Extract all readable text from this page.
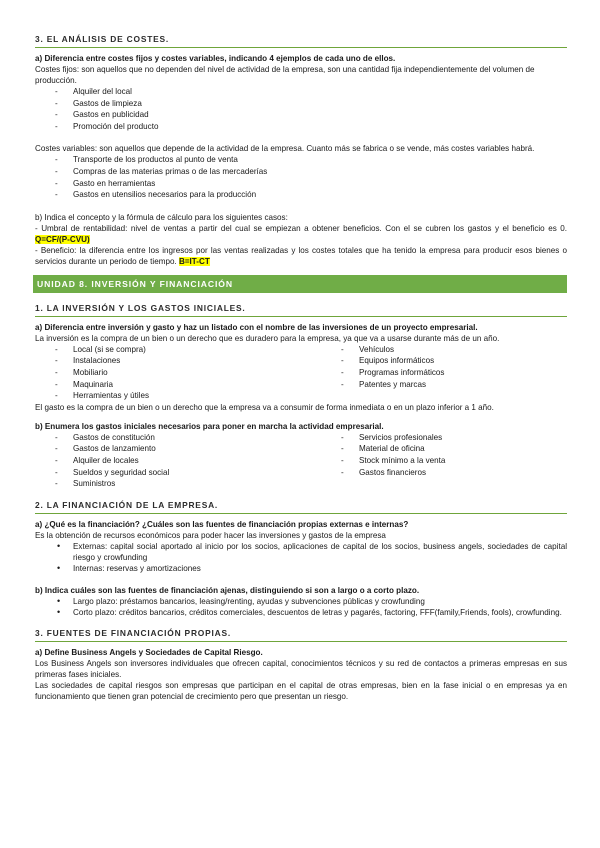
3. EL ANÁLISIS DE COSTES.

a) Diferencia entre costes fijos y costes variables, indicando 4 ejemplos de cada uno de ellos.

Costes fijos: son aquellos que no dependen del nivel de actividad de la empresa, son una cantidad fija independientemente del volumen de producción.

- Alquiler del local
- Gastos de limpieza
- Gastos en publicidad
- Promoción del producto

Costes variables: son aquellos que depende de la actividad de la empresa. Cuanto más se fabrica o se vende, más costes variables habrá.

- Transporte de los productos al punto de venta
- Compras de las materias primas o de las mercaderías
- Gasto en herramientas
- Gastos en utensilios necesarios para la producción

b) Indica el concepto y la fórmula de cálculo para los siguientes casos:

- Umbral de rentabilidad: nivel de ventas a partir del cual se empiezan a obtener beneficios. Con el se cubren los gastos y el beneficio es 0. Q=CF/(P-CVU)

- Beneficio: la diferencia entre los ingresos por las ventas realizadas y los costes totales que ha tenido la empresa para producir esos bienes o servicios durante un periodo de tiempo. B=IT-CT

UNIDAD 8. INVERSIÓN Y FINANCIACIÓN
1. LA INVERSIÓN Y LOS GASTOS INICIALES.

a) Diferencia entre inversión y gasto y haz un listado con el nombre de las inversiones de un proyecto empresarial.

La inversión es la compra de un bien o un derecho que es duradero para la empresa, ya que va a usarse durante más de un año.

- Local (si se compra)
- Instalaciones
- Mobiliario
- Maquinaria
- Herramientas y útiles
- Vehículos
- Equipos informáticos
- Programas informáticos
- Patentes y marcas

El gasto es la compra de un bien o un derecho que la empresa va a consumir de forma inmediata o en un plazo inferior a 1 año.

b) Enumera los gastos iniciales necesarios para poner en marcha la actividad empresarial.

- Gastos de constitución
- Gastos de lanzamiento
- Alquiler de locales
- Sueldos y seguridad social
- Suministros
- Servicios profesionales
- Material de oficina
- Stock mínimo a la venta
- Gastos financieros
2. LA FINANCIACIÓN DE LA EMPRESA.

a) ¿Qué es la financiación? ¿Cuáles son las fuentes de financiación propias externas e internas?

Es la obtención de recursos económicos para poder hacer las inversiones y gastos de la empresa

• Externas: capital social aportado al inicio por los socios, aplicaciones de capital de los socios, business angels, sociedades de capital riesgo y crowfunding
• Internas: reservas y amortizaciones

b) Indica cuáles son las fuentes de financiación ajenas, distinguiendo si son a largo o a corto plazo.

• Largo plazo: préstamos bancarios, leasing/renting, ayudas y subvenciones públicas y crowfunding
• Corto plazo: créditos bancarios, créditos comerciales, descuentos de letras y pagarés, factoring, FFF(family,Friends, fools), crowfunding.
3. FUENTES DE FINANCIACIÓN PROPIAS.

a) Define Business Angels y Sociedades de Capital Riesgo.

Los Business Angels son inversores individuales que ofrecen capital, conocimientos técnicos y su red de contactos a primeras empresas en sus primeras fases iniciales.

Las sociedades de capital riesgos son empresas que participan en el capital de otras empresas, bien en la fase inicial o en empresas ya en funcionamiento que tienen gran potencial de crecimiento pero que presentan un riesgo.
